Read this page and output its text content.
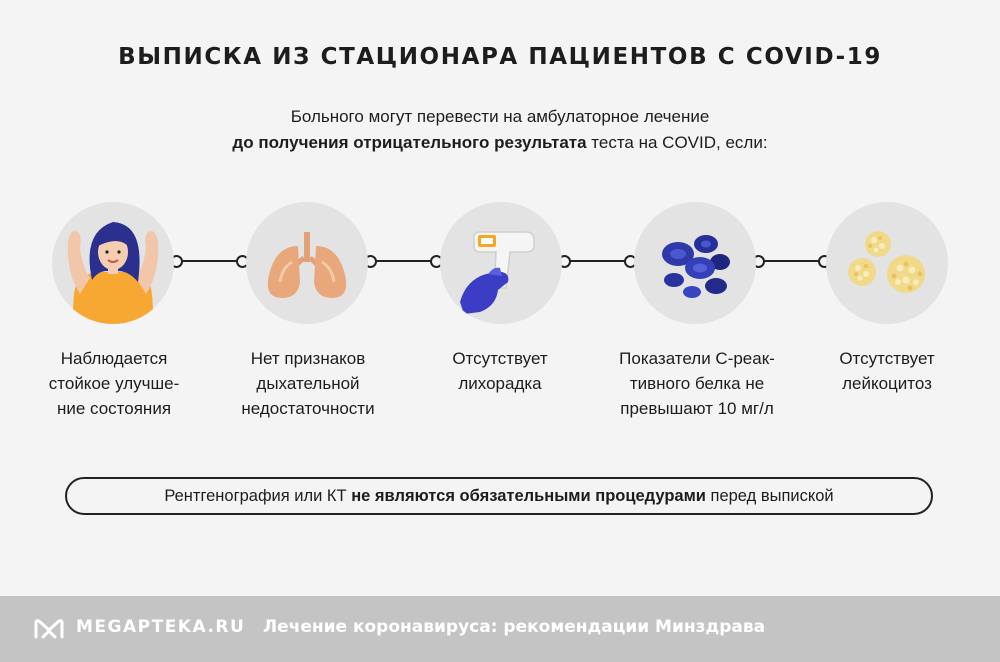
ВЫПИСКА ИЗ СТАЦИОНАРА ПАЦИЕНТОВ С COVID-19
Больного могут перевести на амбулаторное лечение
до получения отрицательного результата теста на COVID, если:
Наблюдается
стойкое улучше-
ние состояния
Нет признаков
дыхательной
недостаточности
Отсутствует
лихорадка
Показатели С-реак-
тивного белка не
превышают 10 мг/л
Отсутствует
лейкоцитоз
Рентгенография или КТ не являются обязательными процедурами перед выпиской
MEGAPTEKA.RU Лечение коронавируса: рекомендации Минздрава
